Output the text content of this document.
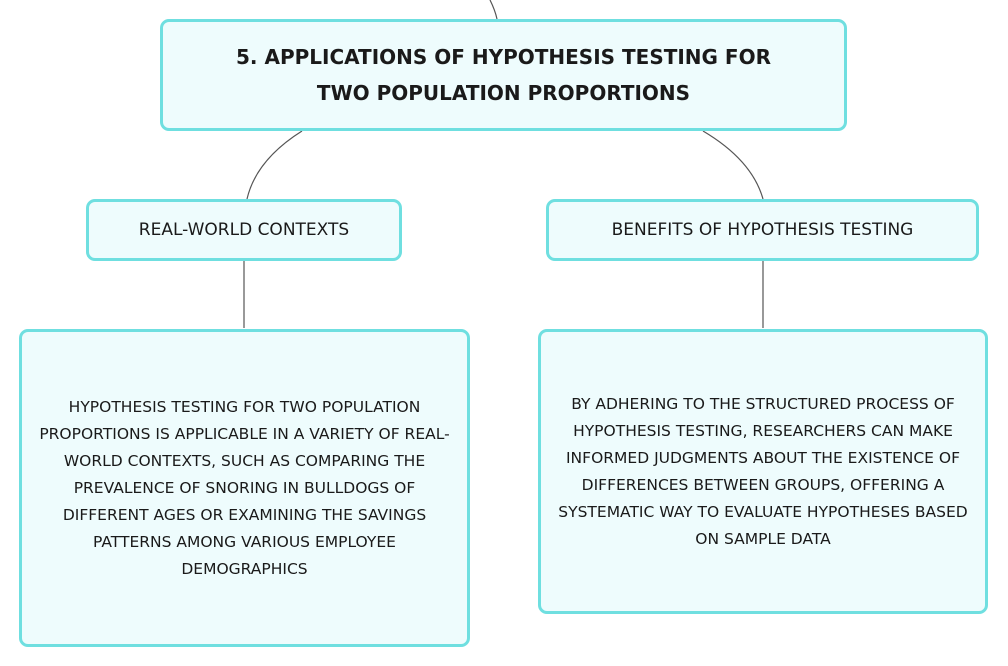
5. APPLICATIONS OF HYPOTHESIS TESTING FOR TWO POPULATION PROPORTIONS
REAL-WORLD CONTEXTS	BENEFITS OF HYPOTHESIS TESTING
HYPOTHESIS TESTING FOR TWO POPULATION PROPORTIONS IS APPLICABLE IN A VARIETY OF REAL-WORLD CONTEXTS, SUCH AS COMPARING THE PREVALENCE OF SNORING IN BULLDOGS OF DIFFERENT AGES OR EXAMINING THE SAVINGS PATTERNS AMONG VARIOUS EMPLOYEE DEMOGRAPHICS
BY ADHERING TO THE STRUCTURED PROCESS OF HYPOTHESIS TESTING, RESEARCHERS CAN MAKE INFORMED JUDGMENTS ABOUT THE EXISTENCE OF DIFFERENCES BETWEEN GROUPS, OFFERING A SYSTEMATIC WAY TO EVALUATE HYPOTHESES BASED ON SAMPLE DATA
